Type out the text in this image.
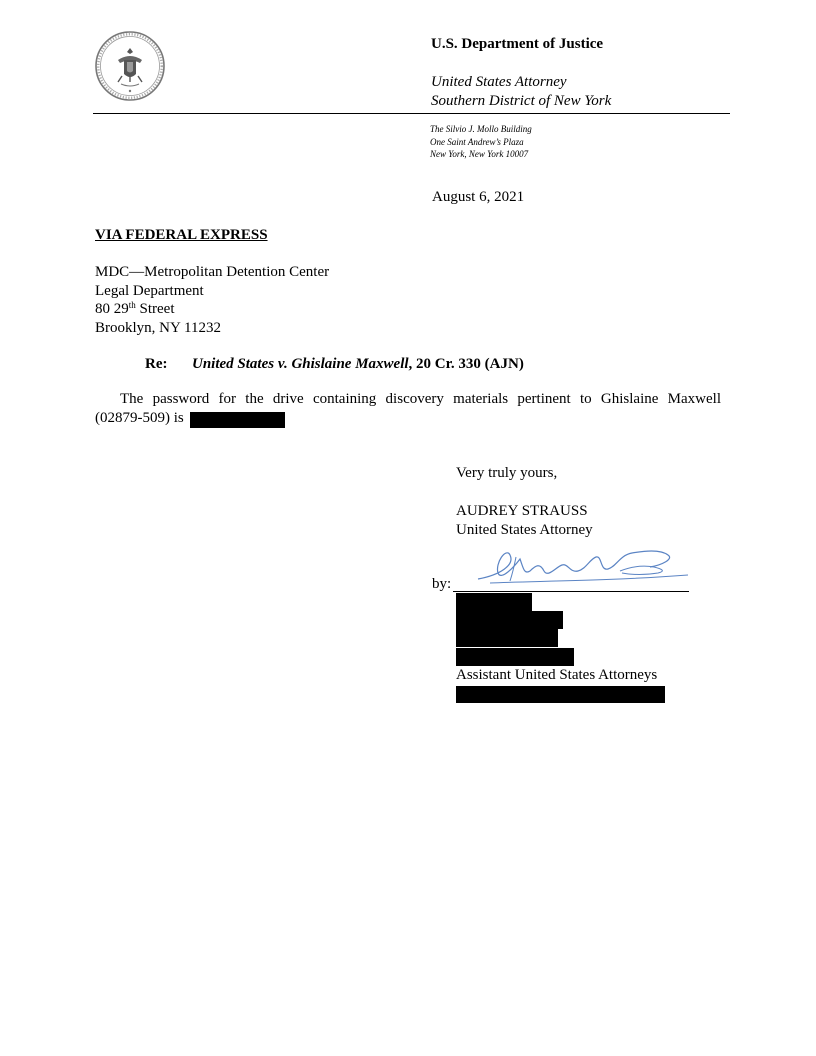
U.S. Department of Justice
United States Attorney
Southern District of New York
The Silvio J. Mollo Building
One Saint Andrew’s Plaza
New York, New York 10007
August 6, 2021
VIA FEDERAL EXPRESS
MDC—Metropolitan Detention Center
Legal Department
80 29th Street
Brooklyn, NY 11232
Re: United States v. Ghislaine Maxwell, 20 Cr. 330 (AJN)
The password for the drive containing discovery materials pertinent to Ghislaine Maxwell
(02879-509) is
Very truly yours,
AUDREY STRAUSS
United States Attorney
by:
Assistant United States Attorneys
